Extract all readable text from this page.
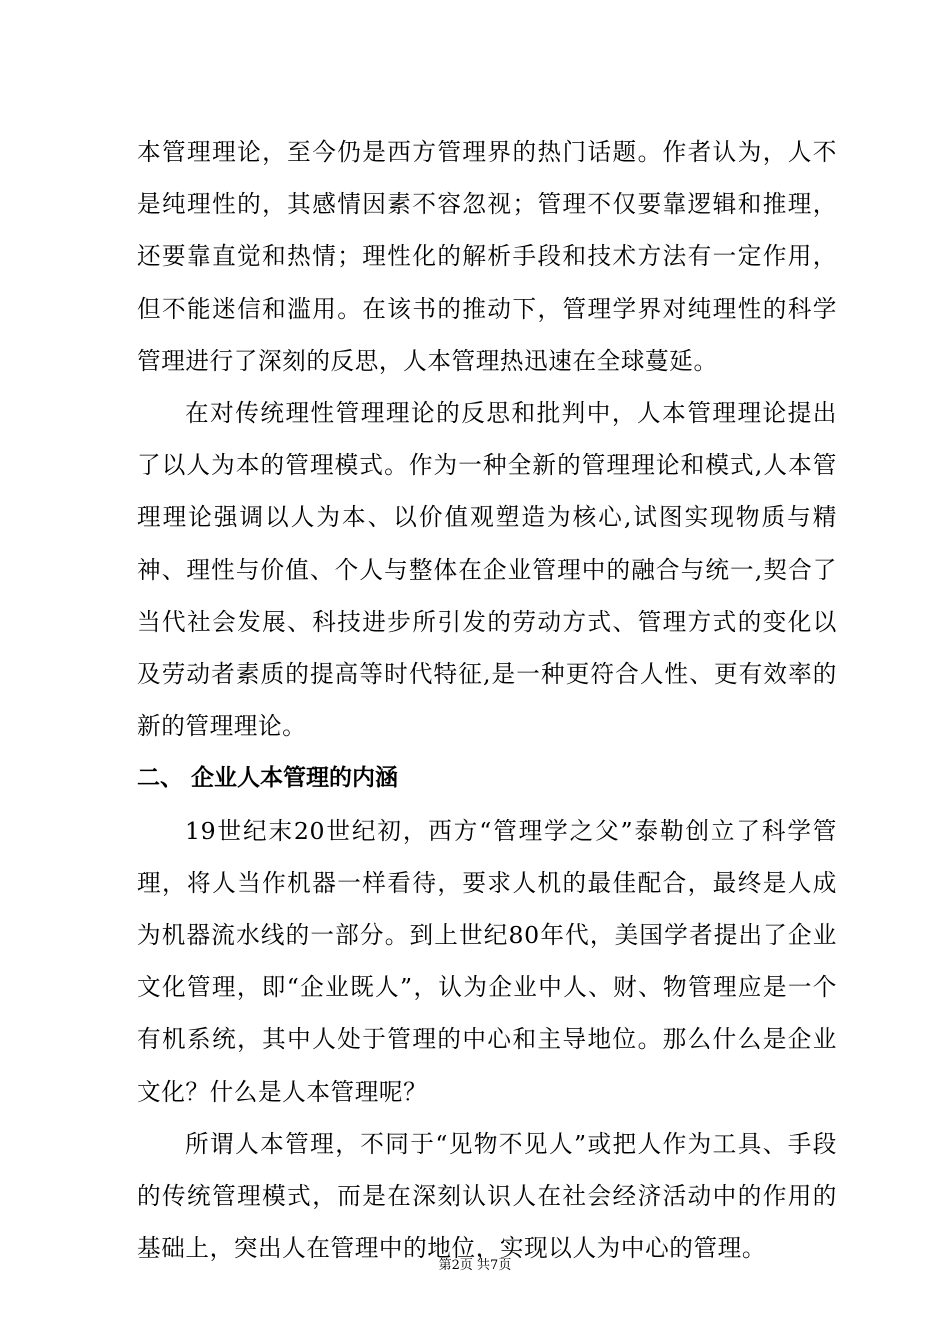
本管理理论，至今仍是西方管理界的热门话题。作者认为，人不是纯理性的，其感情因素不容忽视；管理不仅要靠逻辑和推理，还要靠直觉和热情；理性化的解析手段和技术方法有一定作用，但不能迷信和滥用。在该书的推动下，管理学界对纯理性的科学管理进行了深刻的反思，人本管理热迅速在全球蔓延。

在对传统理性管理理论的反思和批判中，人本管理理论提出了以人为本的管理模式。作为一种全新的管理理论和模式,人本管理理论强调以人为本、以价值观塑造为核心,试图实现物质与精神、理性与价值、个人与整体在企业管理中的融合与统一,契合了当代社会发展、科技进步所引发的劳动方式、管理方式的变化以及劳动者素质的提高等时代特征,是一种更符合人性、更有效率的新的管理理论。

二、 企业人本管理的内涵

19世纪末20世纪初，西方“管理学之父”泰勒创立了科学管理，将人当作机器一样看待，要求人机的最佳配合，最终是人成为机器流水线的一部分。到上世纪80年代，美国学者提出了企业文化管理，即“企业既人”，认为企业中人、财、物管理应是一个有机系统，其中人处于管理的中心和主导地位。那么什么是企业文化？什么是人本管理呢？

所谓人本管理，不同于“见物不见人”或把人作为工具、手段的传统管理模式，而是在深刻认识人在社会经济活动中的作用的基础上，突出人在管理中的地位，实现以人为中心的管理。

第2页 共7页
